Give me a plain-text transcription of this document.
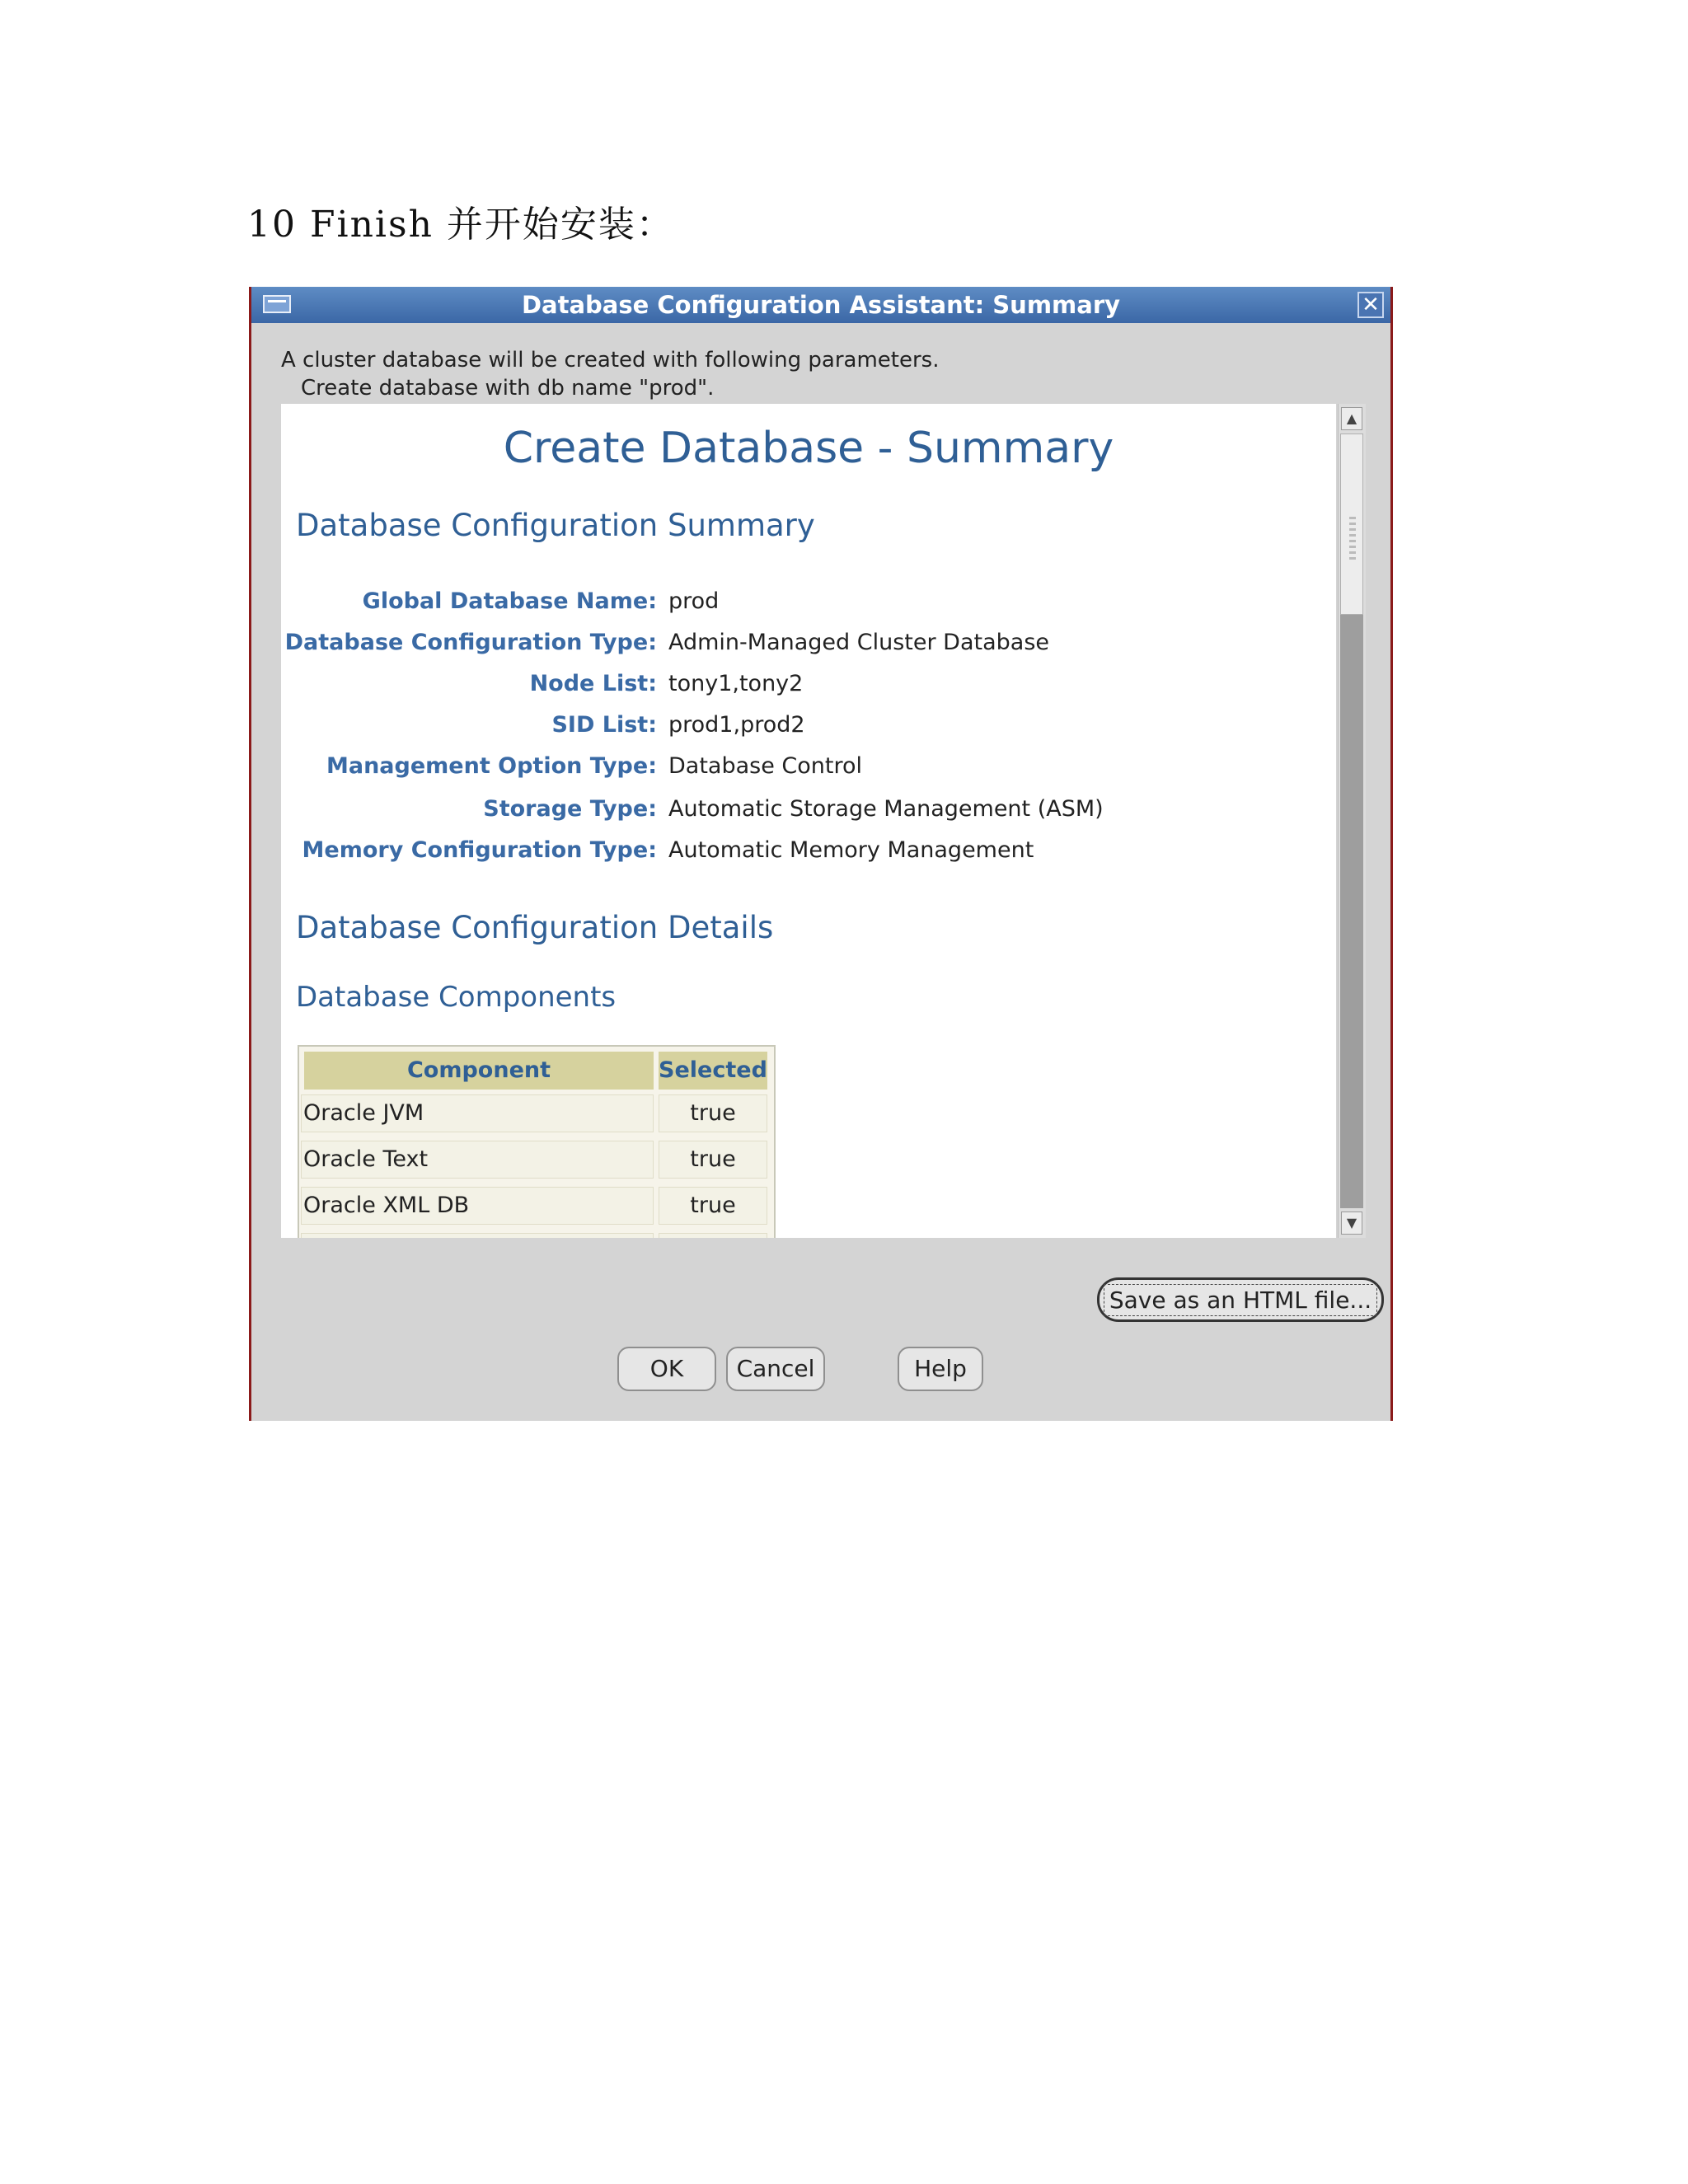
10 Finish 并开始安装：
Database Configuration Assistant: Summary	✕
A cluster database will be created with following parameters.
Create database with db name "prod".
Create Database - Summary
Database Configuration Summary
Global Database Name: prod
Database Configuration Type: Admin-Managed Cluster Database
Node List: tony1,tony2
SID List: prod1,prod2
Management Option Type: Database Control
Storage Type: Automatic Storage Management (ASM)
Memory Configuration Type: Automatic Memory Management
Database Configuration Details
Database Components
Component	Selected
Oracle JVM	true
Oracle Text	true
Oracle XML DB	true
▲
▼
Save as an HTML file...
OK	Cancel	Help
